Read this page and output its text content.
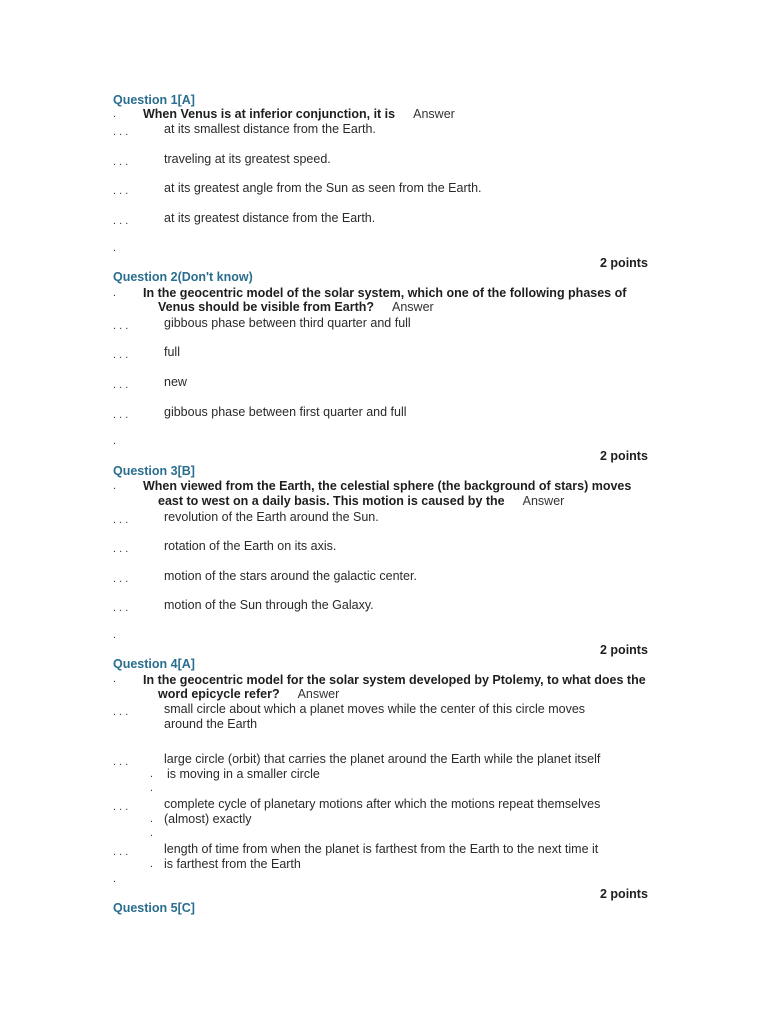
Question 1[A]
. When Venus is at inferior conjunction, it is Answer
. . .	at its smallest distance from the Earth.
. . .	traveling at its greatest speed.
. . .	at its greatest angle from the Sun as seen from the Earth.
. . .	at its greatest distance from the Earth.
.
2 points
Question 2(Don't know)
. In the geocentric model of the solar system, which one of the following phases of
Venus should be visible from Earth? Answer
. . .	gibbous phase between third quarter and full
. . .	full
. . .	new
. . .	gibbous phase between first quarter and full
.
2 points
Question 3[B]
. When viewed from the Earth, the celestial sphere (the background of stars) moves
east to west on a daily basis. This motion is caused by the Answer
. . .	revolution of the Earth around the Sun.
. . .	rotation of the Earth on its axis.
. . .	motion of the stars around the galactic center.
. . .	motion of the Sun through the Galaxy.
.
2 points
Question 4[A]
. In the geocentric model for the solar system developed by Ptolemy, to what does the
word epicycle refer? Answer
. . .	small circle about which a planet moves while the center of this circle moves
around the Earth
. . .	large circle (orbit) that carries the planet around the Earth while the planet itself
. is moving in a smaller circle
.
. . .	complete cycle of planetary motions after which the motions repeat themselves
. (almost) exactly
.
. . .	length of time from when the planet is farthest from the Earth to the next time it
. is farthest from the Earth
.
2 points
Question 5[C]
